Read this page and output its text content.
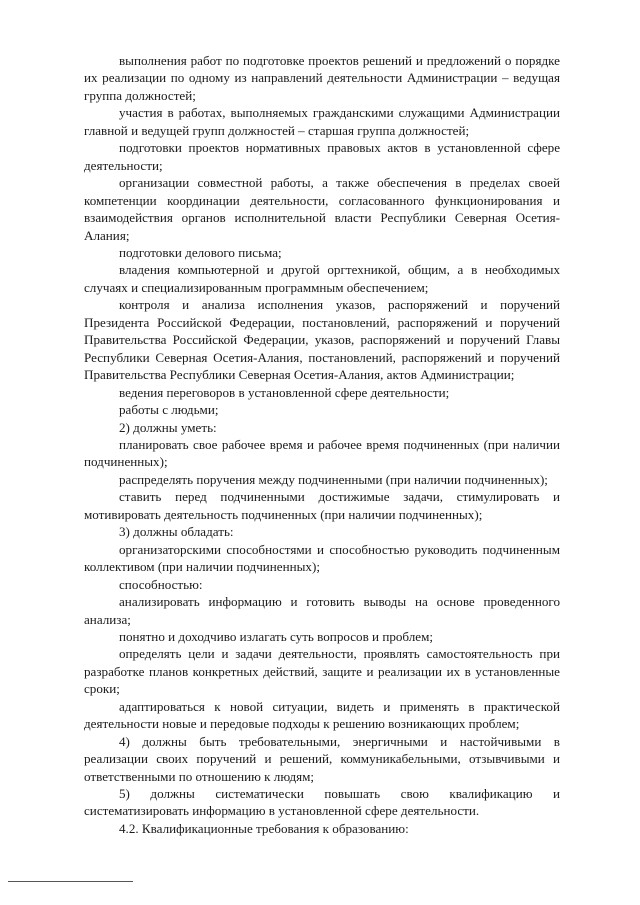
выполнения работ по подготовке проектов решений и предложений о порядке их реализации по одному из направлений деятельности Администрации – ведущая группа должностей;

участия в работах, выполняемых гражданскими служащими Администрации главной и ведущей групп должностей – старшая группа должностей;

подготовки проектов нормативных правовых актов в установленной сфере деятельности;

организации совместной работы, а также обеспечения в пределах своей компетенции координации деятельности, согласованного функционирования и взаимодействия органов исполнительной власти Республики Северная Осетия-Алания;

подготовки делового письма;

владения компьютерной и другой оргтехникой, общим, а в необходимых случаях и специализированным программным обеспечением;

контроля и анализа исполнения указов, распоряжений и поручений Президента Российской Федерации, постановлений, распоряжений и поручений Правительства Российской Федерации, указов, распоряжений и поручений Главы Республики Северная Осетия-Алания, постановлений, распоряжений и поручений Правительства Республики Северная Осетия-Алания, актов Администрации;

ведения переговоров в установленной сфере деятельности;

работы с людьми;

2) должны уметь:

планировать свое рабочее время и рабочее время подчиненных (при наличии подчиненных);

распределять поручения между подчиненными (при наличии подчиненных);

ставить перед подчиненными достижимые задачи, стимулировать и мотивировать деятельность подчиненных (при наличии подчиненных);

3) должны обладать:

организаторскими способностями и способностью руководить подчиненным коллективом (при наличии подчиненных);

способностью:

анализировать информацию и готовить выводы на основе проведенного анализа;

понятно и доходчиво излагать суть вопросов и проблем;

определять цели и задачи деятельности, проявлять самостоятельность при разработке планов конкретных действий, защите и реализации их в установленные сроки;

адаптироваться к новой ситуации, видеть и применять в практической деятельности новые и передовые подходы к решению возникающих проблем;

4) должны быть требовательными, энергичными и настойчивыми в реализации своих поручений и решений, коммуникабельными, отзывчивыми и ответственными по отношению к людям;

5) должны систематически повышать свою квалификацию и систематизировать информацию в установленной сфере деятельности.

4.2. Квалификационные требования к образованию:
